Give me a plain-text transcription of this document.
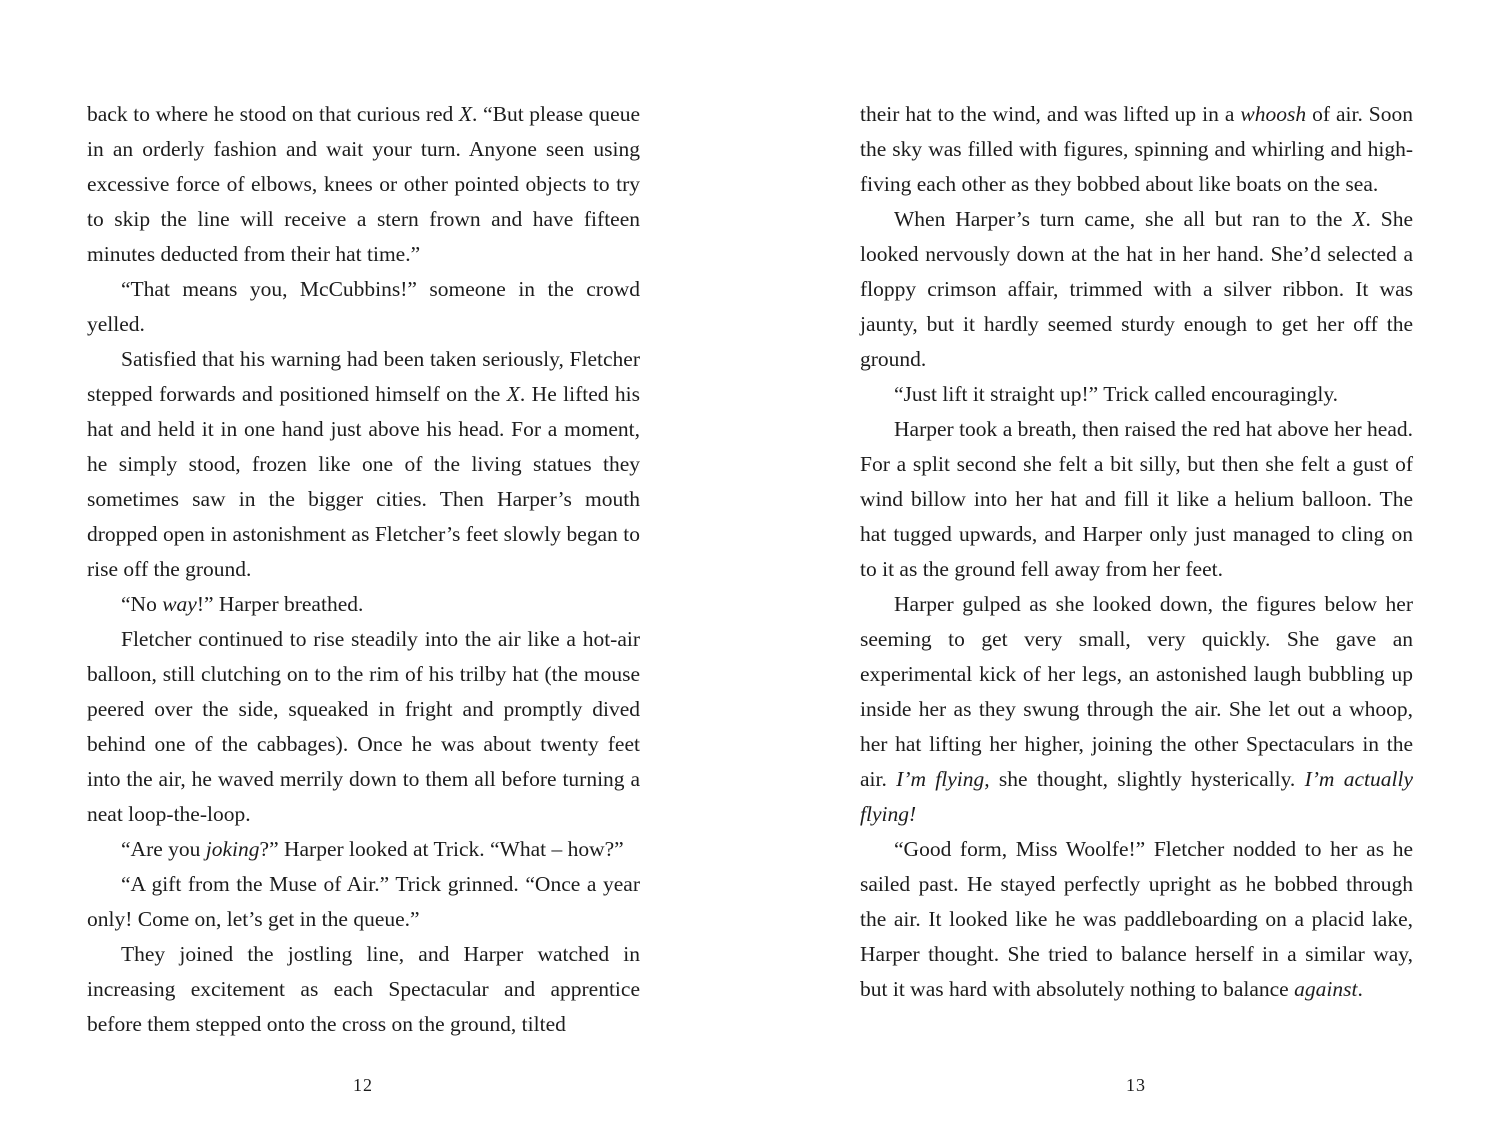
back to where he stood on that curious red X. “But please queue in an orderly fashion and wait your turn. Anyone seen using excessive force of elbows, knees or other pointed objects to try to skip the line will receive a stern frown and have fifteen minutes deducted from their hat time.”

“That means you, McCubbins!” someone in the crowd yelled.

Satisfied that his warning had been taken seriously, Fletcher stepped forwards and positioned himself on the X. He lifted his hat and held it in one hand just above his head. For a moment, he simply stood, frozen like one of the living statues they sometimes saw in the bigger cities. Then Harper’s mouth dropped open in astonishment as Fletcher’s feet slowly began to rise off the ground.

“No way!” Harper breathed.

Fletcher continued to rise steadily into the air like a hot-air balloon, still clutching on to the rim of his trilby hat (the mouse peered over the side, squeaked in fright and promptly dived behind one of the cabbages). Once he was about twenty feet into the air, he waved merrily down to them all before turning a neat loop-the-loop.

“Are you joking?” Harper looked at Trick. “What – how?”

“A gift from the Muse of Air.” Trick grinned. “Once a year only! Come on, let’s get in the queue.”

They joined the jostling line, and Harper watched in increasing excitement as each Spectacular and apprentice before them stepped onto the cross on the ground, tilted

12

their hat to the wind, and was lifted up in a whoosh of air. Soon the sky was filled with figures, spinning and whirling and high-fiving each other as they bobbed about like boats on the sea.

When Harper’s turn came, she all but ran to the X. She looked nervously down at the hat in her hand. She’d selected a floppy crimson affair, trimmed with a silver ribbon. It was jaunty, but it hardly seemed sturdy enough to get her off the ground.

“Just lift it straight up!” Trick called encouragingly.

Harper took a breath, then raised the red hat above her head. For a split second she felt a bit silly, but then she felt a gust of wind billow into her hat and fill it like a helium balloon. The hat tugged upwards, and Harper only just managed to cling on to it as the ground fell away from her feet.

Harper gulped as she looked down, the figures below her seeming to get very small, very quickly. She gave an experimental kick of her legs, an astonished laugh bubbling up inside her as they swung through the air. She let out a whoop, her hat lifting her higher, joining the other Spectaculars in the air. I’m flying, she thought, slightly hysterically. I’m actually flying!

“Good form, Miss Woolfe!” Fletcher nodded to her as he sailed past. He stayed perfectly upright as he bobbed through the air. It looked like he was paddleboarding on a placid lake, Harper thought. She tried to balance herself in a similar way, but it was hard with absolutely nothing to balance against.

13
